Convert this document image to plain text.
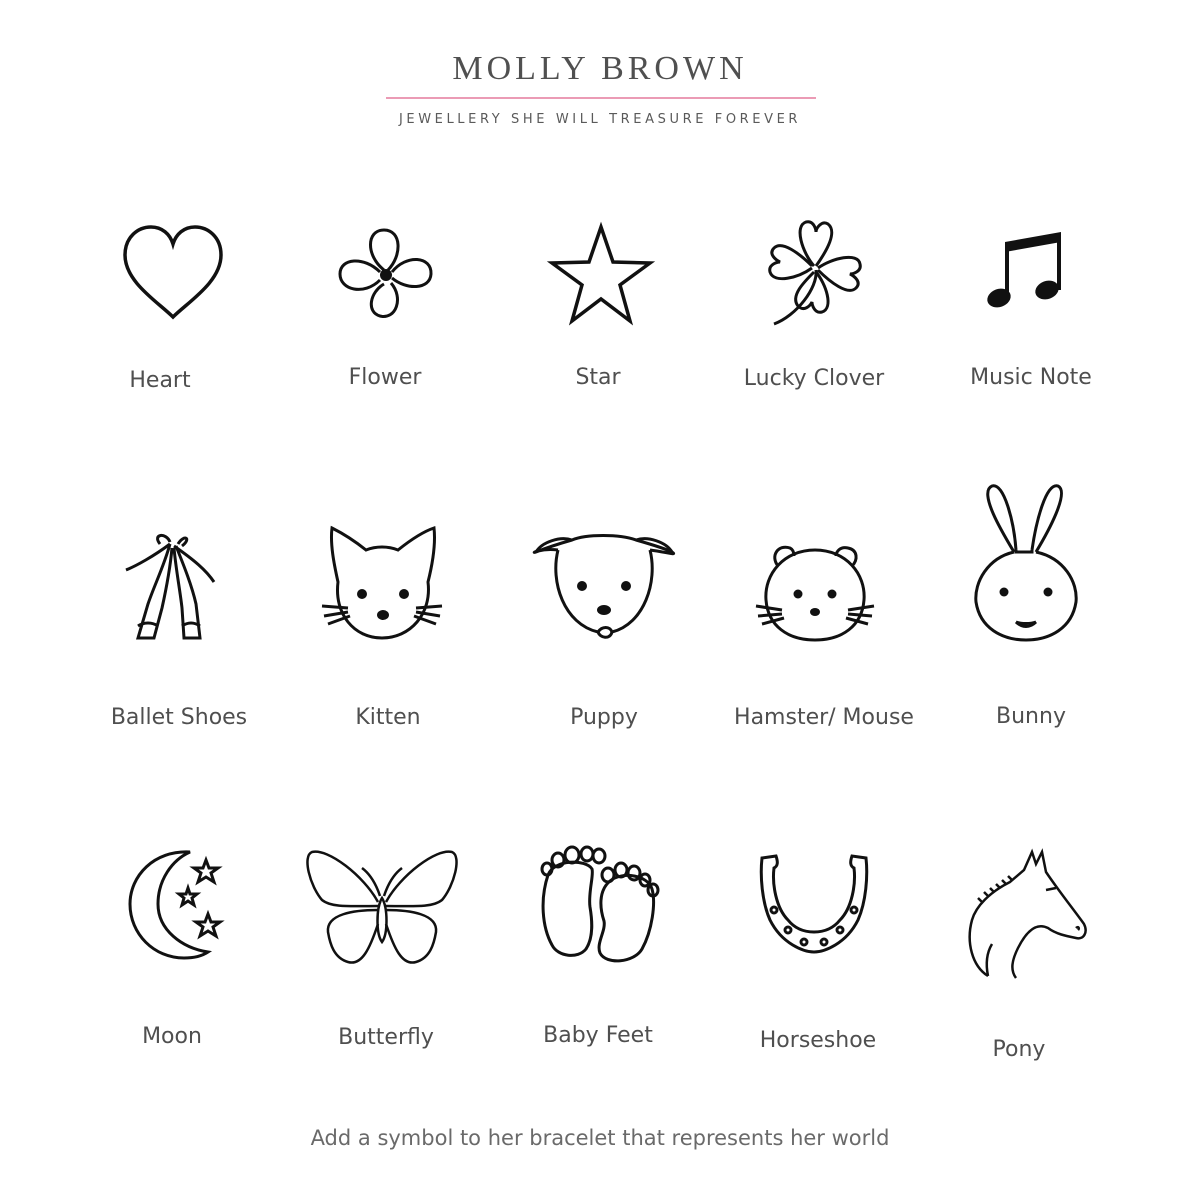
MOLLY BROWN
JEWELLERY SHE WILL TREASURE FOREVER
Heart	Flower	Star	Lucky Clover	Music Note
Ballet Shoes	Kitten	Puppy	Hamster/ Mouse	Bunny
Moon	Butterfly	Baby Feet	Horseshoe	Pony
Add a symbol to her bracelet that represents her world
